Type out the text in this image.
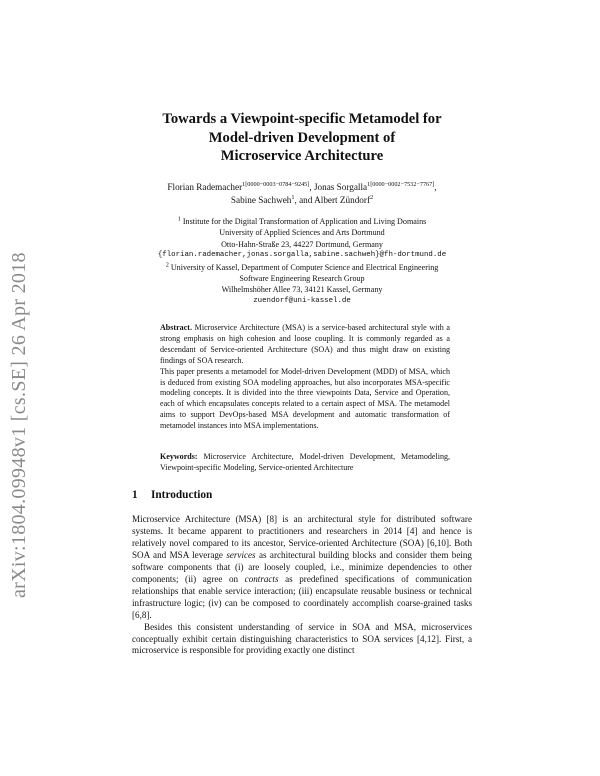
arXiv:1804.09948v1 [cs.SE] 26 Apr 2018
Towards a Viewpoint-specific Metamodel for
Model-driven Development of
Microservice Architecture
Florian Rademacher$^{1[0000-0003-0784-9245]}$, Jonas Sorgalla$^{1[0000-0002-7532-7767]}$,
Sabine Sachweh$^1$, and Albert Zündorf$^2$
$^1$ Institute for the Digital Transformation of Application and Living Domains
University of Applied Sciences and Arts Dortmund
Otto-Hahn-Straße 23, 44227 Dortmund, Germany
{florian.rademacher,jonas.sorgalla,sabine.sachweh}@fh-dortmund.de
$^2$ University of Kassel, Department of Computer Science and Electrical Engineering
Software Engineering Research Group
Wilhelmshöher Allee 73, 34121 Kassel, Germany
zuendorf@uni-kassel.de

Abstract. Microservice Architecture (MSA) is a service-based architectural style with a strong emphasis on high cohesion and loose coupling. It is commonly regarded as a descendant of Service-oriented Architecture (SOA) and thus might draw on existing findings of SOA research.

This paper presents a metamodel for Model-driven Development (MDD) of MSA, which is deduced from existing SOA modeling approaches, but also incorporates MSA-specific modeling concepts. It is divided into the three viewpoints Data, Service and Operation, each of which encapsulates concepts related to a certain aspect of MSA. The metamodel aims to support DevOps-based MSA development and automatic transformation of metamodel instances into MSA implementations.

Keywords: Microservice Architecture, Model-driven Development, Metamodeling, Viewpoint-specific Modeling, Service-oriented Architecture
1 Introduction

Microservice Architecture (MSA) [8] is an architectural style for distributed software systems. It became apparent to practitioners and researchers in 2014 [4] and hence is relatively novel compared to its ancestor, Service-oriented Architecture (SOA) [6,10]. Both SOA and MSA leverage services as architectural building blocks and consider them being software components that (i) are loosely coupled, i.e., minimize dependencies to other components; (ii) agree on contracts as predefined specifications of communication relationships that enable service interaction; (iii) encapsulate reusable business or technical infrastructure logic; (iv) can be composed to coordinately accomplish coarse-grained tasks [6,8].

Besides this consistent understanding of service in SOA and MSA, microservices conceptually exhibit certain distinguishing characteristics to SOA services [4,12]. First, a microservice is responsible for providing exactly one distinct
